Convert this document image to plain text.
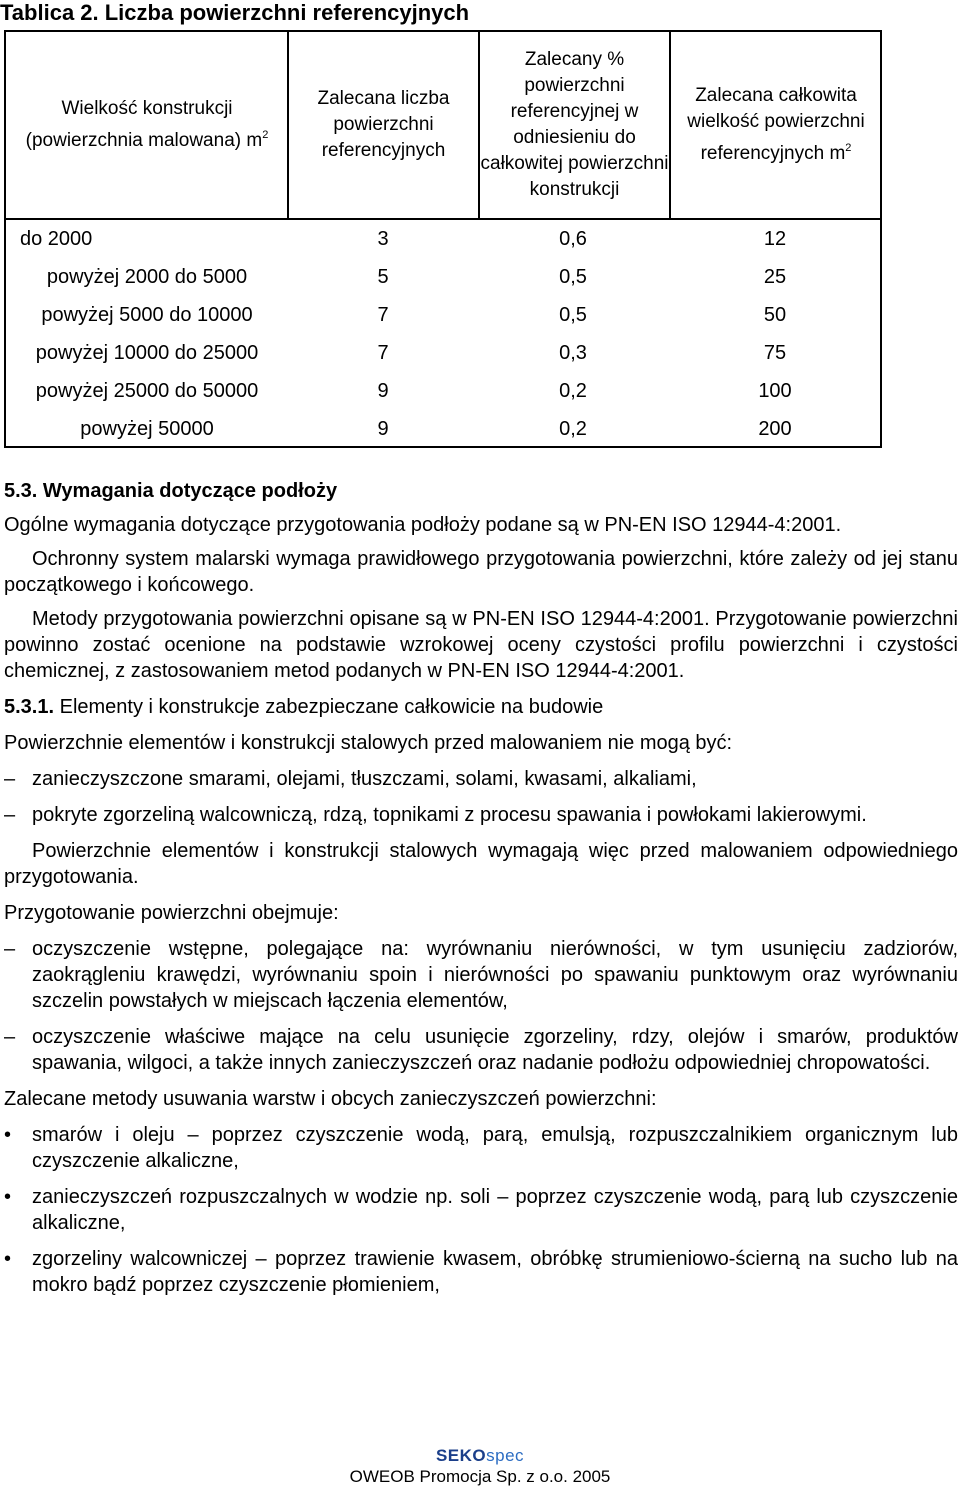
Tablica 2. Liczba powierzchni referencyjnych
Wielkość konstrukcji (powierzchnia malowana) $m^2$
Zalecana liczba powierzchni referencyjnych
Zalecany % powierzchni referencyjnej w odniesieniu do całkowitej powierzchni konstrukcji
Zalecana całkowita wielkość powierzchni referencyjnych $m^2$
do 2000	3	0,6	12
powyżej 2000 do 5000	5	0,5	25
powyżej 5000 do 10000	7	0,5	50
powyżej 10000 do 25000	7	0,3	75
powyżej 25000 do 50000	9	0,2	100
powyżej 50000	9	0,2	200
5.3. Wymagania dotyczące podłoży

Ogólne wymagania dotyczące przygotowania podłoży podane są w PN-EN ISO 12944-4:2001.

Ochronny system malarski wymaga prawidłowego przygotowania powierzchni, które zależy od jej stanu początkowego i końcowego.

Metody przygotowania powierzchni opisane są w PN-EN ISO 12944-4:2001. Przygotowanie powierzchni powinno zostać ocenione na podstawie wzrokowej oceny czystości profilu powierzchni i czystości chemicznej, z zastosowaniem metod podanych w PN-EN ISO 12944-4:2001.

5.3.1. Elementy i konstrukcje zabezpieczane całkowicie na budowie

Powierzchnie elementów i konstrukcji stalowych przed malowaniem nie mogą być:

– zanieczyszczone smarami, olejami, tłuszczami, solami, kwasami, alkaliami,

– pokryte zgorzeliną walcowniczą, rdzą, topnikami z procesu spawania i powłokami lakierowymi.

Powierzchnie elementów i konstrukcji stalowych wymagają więc przed malowaniem odpowiedniego przygotowania.

Przygotowanie powierzchni obejmuje:

– oczyszczenie wstępne, polegające na: wyrównaniu nierówności, w tym usunięciu zadziorów, zaokrągleniu krawędzi, wyrównaniu spoin i nierówności po spawaniu punktowym oraz wyrównaniu szczelin powstałych w miejscach łączenia elementów,

– oczyszczenie właściwe mające na celu usunięcie zgorzeliny, rdzy, olejów i smarów, produktów spawania, wilgoci, a także innych zanieczyszczeń oraz nadanie podłożu odpowiedniej chropowatości.

Zalecane metody usuwania warstw i obcych zanieczyszczeń powierzchni:

• smarów i oleju – poprzez czyszczenie wodą, parą, emulsją, rozpuszczalnikiem organicznym lub czyszczenie alkaliczne,

• zanieczyszczeń rozpuszczalnych w wodzie np. soli – poprzez czyszczenie wodą, parą lub czyszczenie alkaliczne,

• zgorzeliny walcowniczej – poprzez trawienie kwasem, obróbkę strumieniowo-ścierną na sucho lub na mokro bądź poprzez czyszczenie płomieniem,

SEKOspec
OWEOB Promocja Sp. z o.o. 2005
